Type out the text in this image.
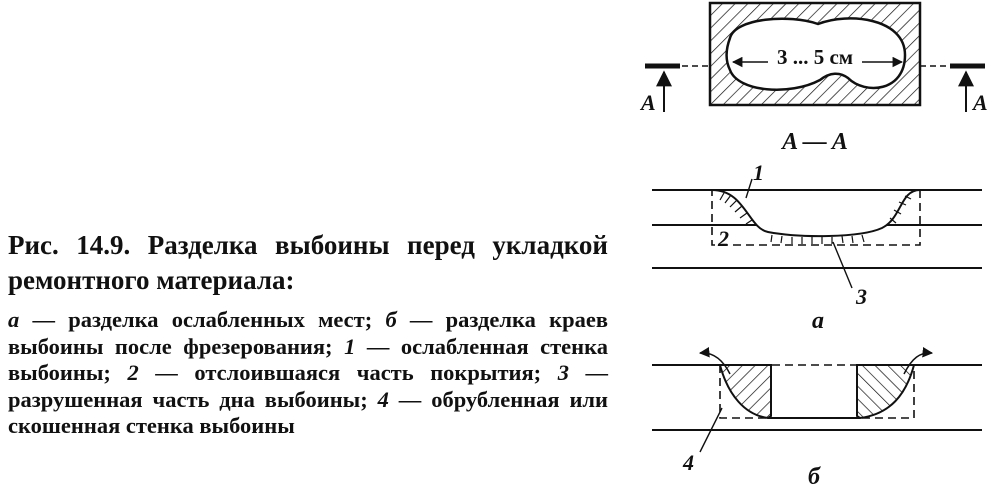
Рис. 14.9. Разделка выбоины перед укладкой ремонтного материала:

а — разделка ослабленных мест; б — разделка краев выбоины после фрезерования; 1 — ослабленная стенка выбоины; 2 — отслоившаяся часть покрытия; 3 — разрушенная часть дна выбоины; 4 — обрубленная или скошенная стенка выбоины
3 ... 5 см
A	A
A — A
1
2
3
а
4
б
